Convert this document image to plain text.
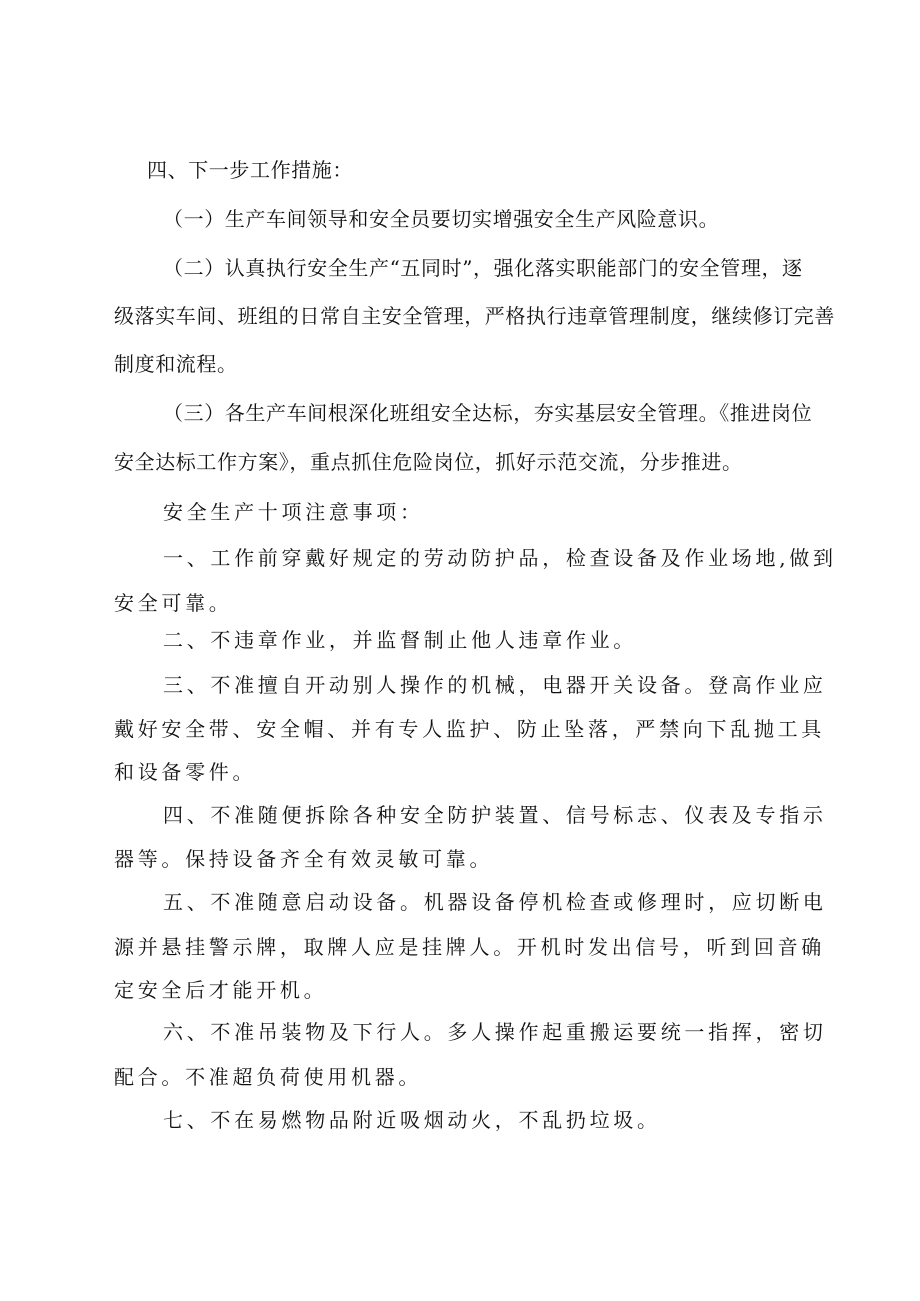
四、下一步工作措施：
（一）生产车间领导和安全员要切实增强安全生产风险意识。
（二）认真执行安全生产“五同时”，强化落实职能部门的安全管理，逐
级落实车间、班组的日常自主安全管理，严格执行违章管理制度，继续修订完善
制度和流程。
（三）各生产车间根深化班组安全达标，夯实基层安全管理。《推进岗位
安全达标工作方案》，重点抓住危险岗位，抓好示范交流，分步推进。
安全生产十项注意事项：
一、工作前穿戴好规定的劳动防护品，检查设备及作业场地,做到
安全可靠。
二、不违章作业，并监督制止他人违章作业。
三、不准擅自开动别人操作的机械，电器开关设备。登高作业应
戴好安全带、安全帽、并有专人监护、防止坠落，严禁向下乱抛工具
和设备零件。
四、不准随便拆除各种安全防护装置、信号标志、仪表及专指示
器等。保持设备齐全有效灵敏可靠。
五、不准随意启动设备。机器设备停机检查或修理时，应切断电
源并悬挂警示牌，取牌人应是挂牌人。开机时发出信号，听到回音确
定安全后才能开机。
六、不准吊装物及下行人。多人操作起重搬运要统一指挥，密切
配合。不准超负荷使用机器。
七、不在易燃物品附近吸烟动火，不乱扔垃圾。
